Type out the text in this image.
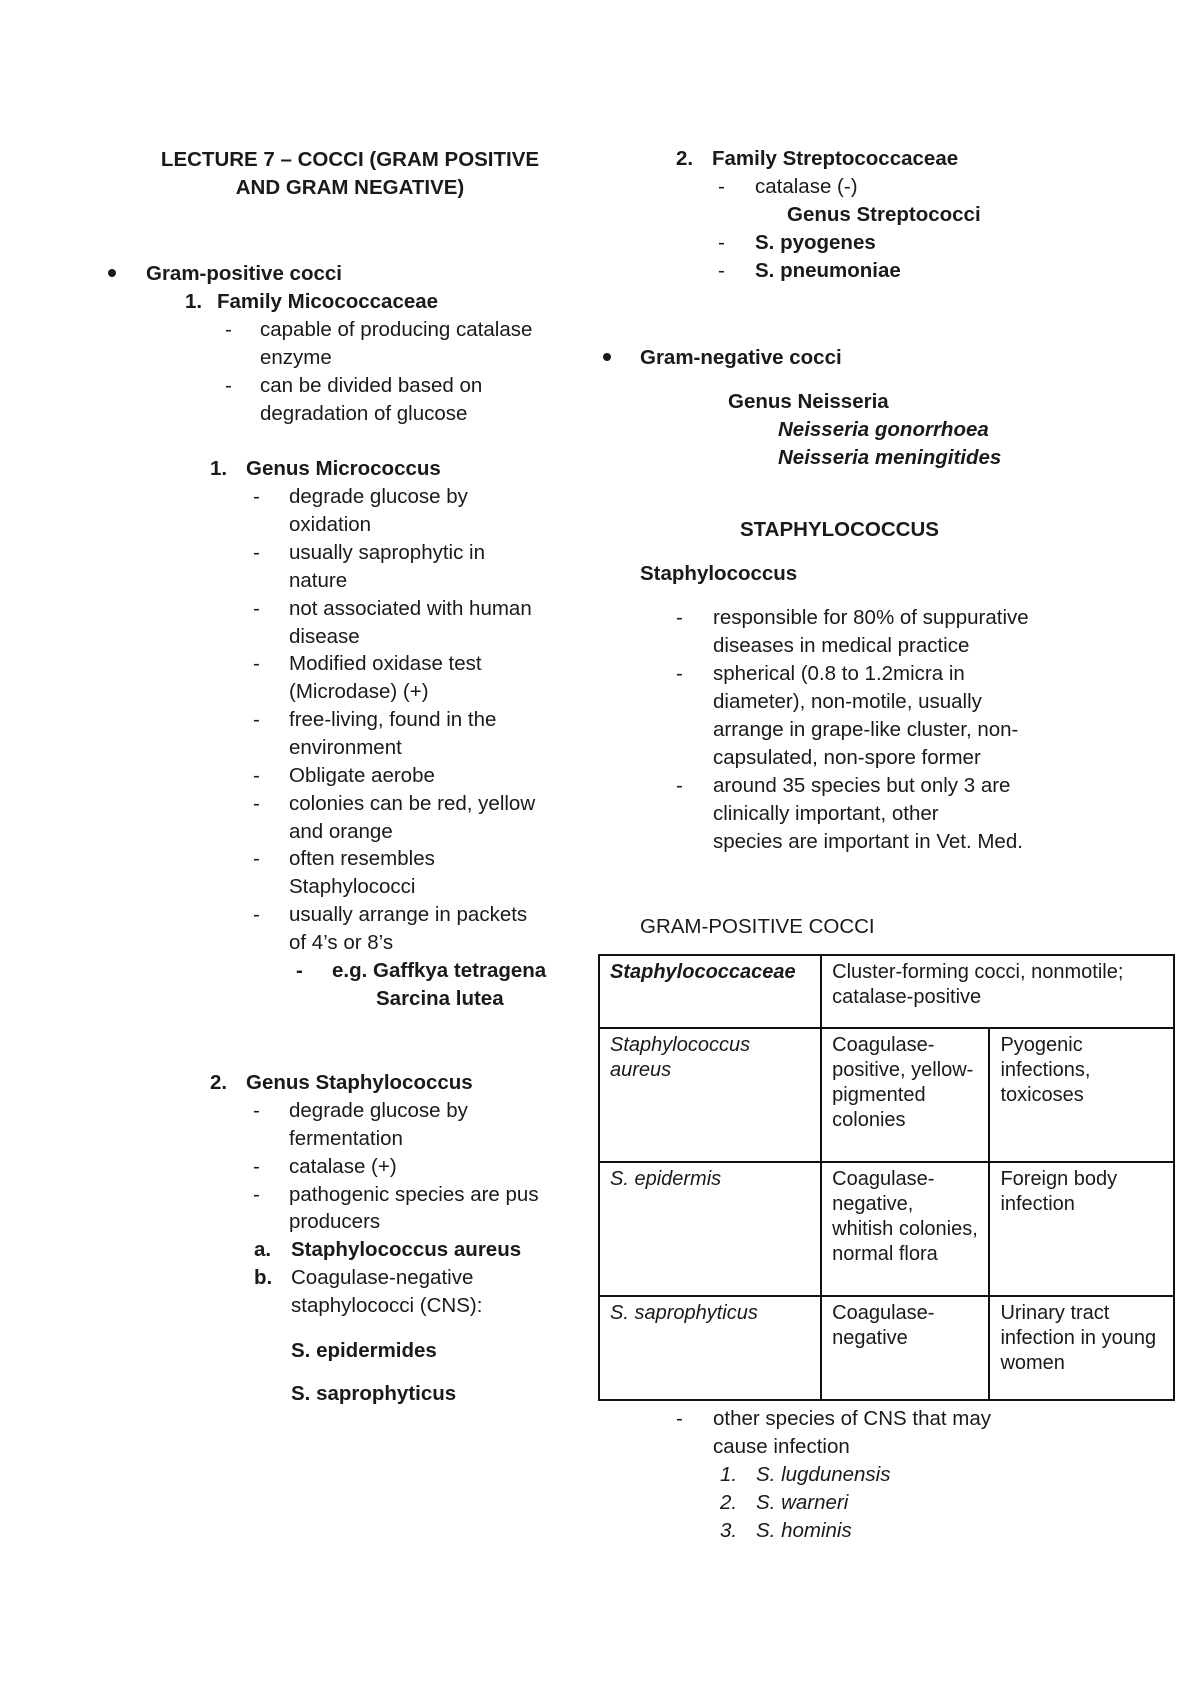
LECTURE 7 – COCCI (GRAM POSITIVE
AND GRAM NEGATIVE)
Gram-positive cocci
1. Family Micococcaceae
- capable of producing catalase
enzyme
- can be divided based on
degradation of glucose
1. Genus Micrococcus
- degrade glucose by
oxidation
- usually saprophytic in
nature
- not associated with human
disease
- Modified oxidase test
(Microdase) (+)
- free-living, found in the
environment
- Obligate aerobe
- colonies can be red, yellow
and orange
- often resembles
Staphylococci
- usually arrange in packets
of 4’s or 8’s
- e.g. Gaffkya tetragena
Sarcina lutea
2. Genus Staphylococcus
- degrade glucose by
fermentation
- catalase (+)
- pathogenic species are pus
producers
a. Staphylococcus aureus
b. Coagulase-negative
staphylococci (CNS):
S. epidermides
S. saprophyticus
2. Family Streptococcaceae
- catalase (-)
Genus Streptococci
- S. pyogenes
- S. pneumoniae
Gram-negative cocci
Genus Neisseria
Neisseria gonorrhoea
Neisseria meningitides
STAPHYLOCOCCUS
Staphylococcus
- responsible for 80% of suppurative
diseases in medical practice
- spherical (0.8 to 1.2micra in
diameter), non-motile, usually
arrange in grape-like cluster, non-
capsulated, non-spore former
- around 35 species but only 3 are
clinically important, other
species are important in Vet. Med.
GRAM-POSITIVE COCCI
Staphylococcaceae	Cluster-forming cocci, nonmotile; catalase-positive	
Staphylococcus aureus	Coagulase-positive, yellow-pigmented colonies	Pyogenic infections, toxicoses
S. epidermis	Coagulase-negative, whitish colonies, normal flora	Foreign body infection
S. saprophyticus	Coagulase-negative	Urinary tract infection in young women
- other species of CNS that may
cause infection
1. S. lugdunensis
2. S. warneri
3. S. hominis
